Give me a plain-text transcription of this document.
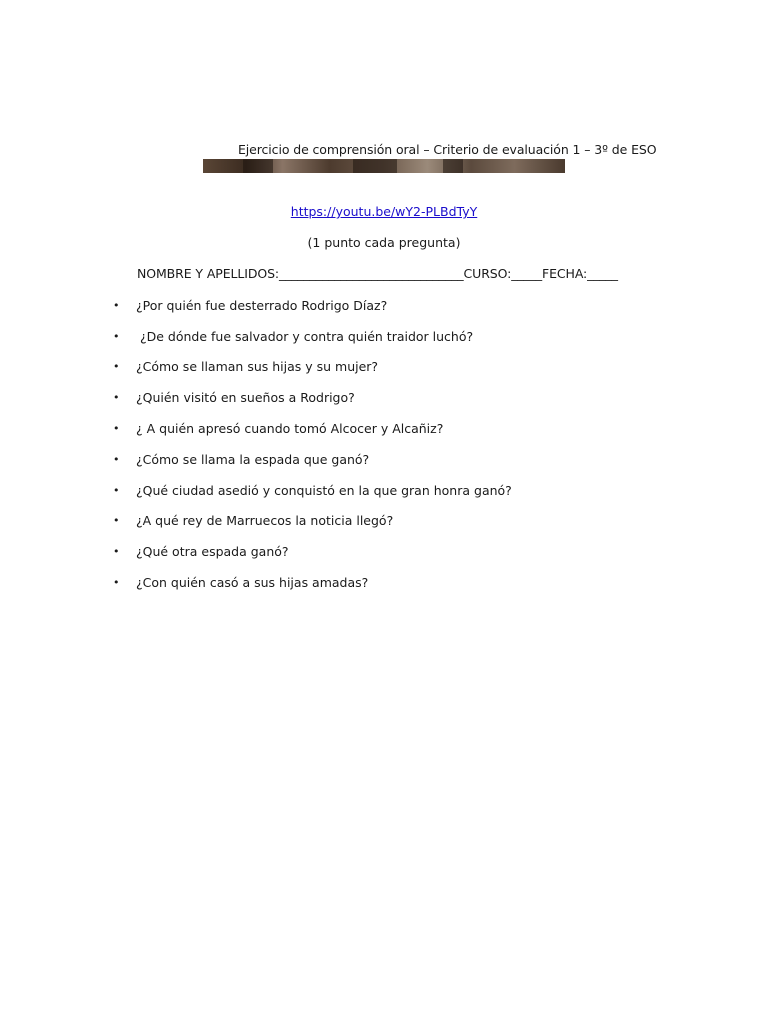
Ejercicio de comprensión oral – Criterio de evaluación 1 – 3º de ESO
https://youtu.be/wY2-PLBdTyY
(1 punto cada pregunta)
NOMBRE Y APELLIDOS:______________________________CURSO:_____FECHA:_____
• ¿Por quién fue desterrado Rodrigo Díaz?
• ¿De dónde fue salvador y contra quién traidor luchó?
• ¿Cómo se llaman sus hijas y su mujer?
• ¿Quién visitó en sueños a Rodrigo?
• ¿ A quién apresó cuando tomó Alcocer y Alcañiz?
• ¿Cómo se llama la espada que ganó?
• ¿Qué ciudad asedió y conquistó en la que gran honra ganó?
• ¿A qué rey de Marruecos la noticia llegó?
• ¿Qué otra espada ganó?
• ¿Con quién casó a sus hijas amadas?
